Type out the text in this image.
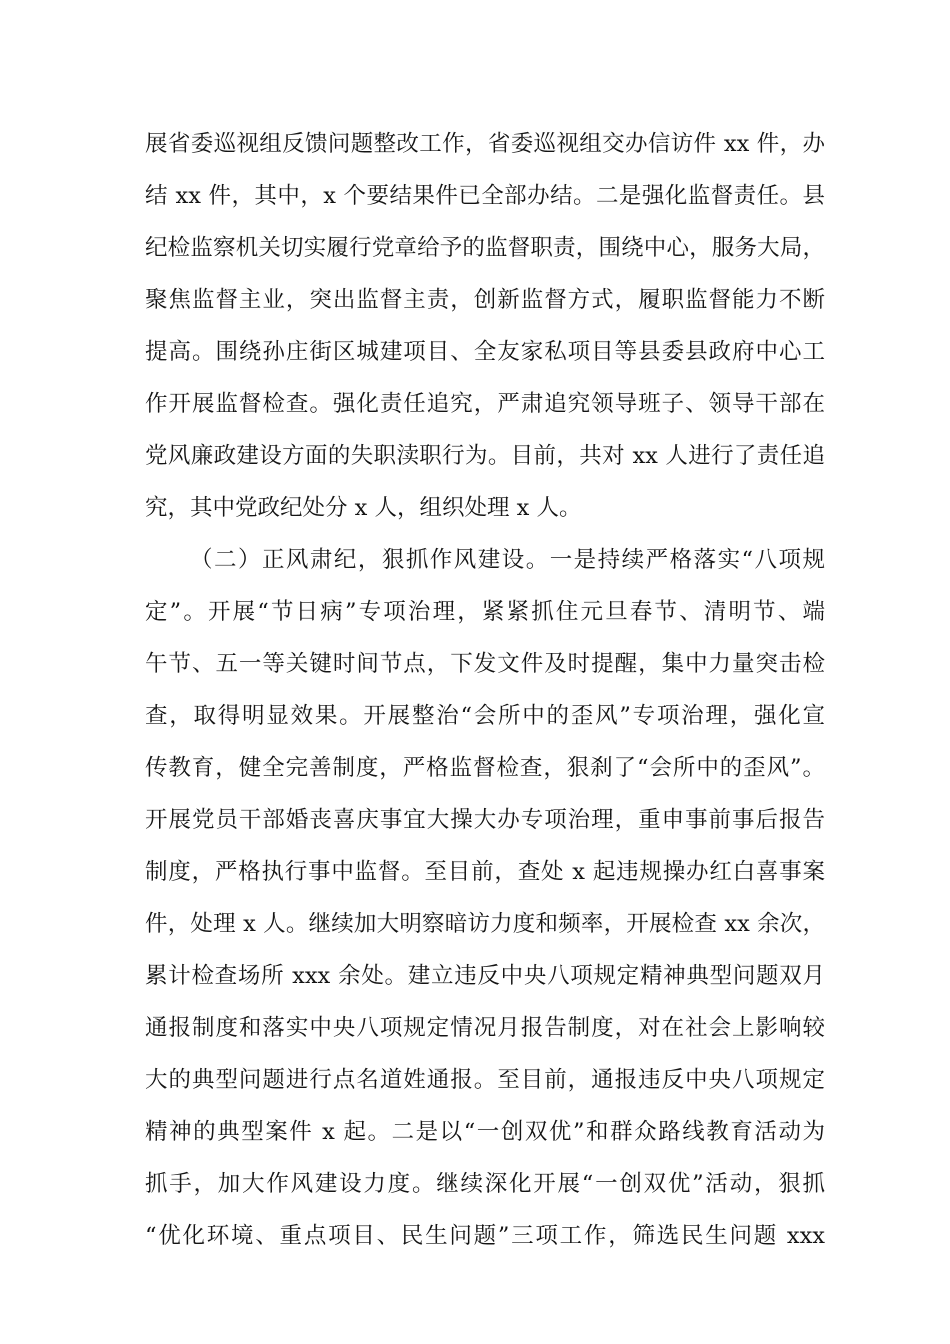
展省委巡视组反馈问题整改工作，省委巡视组交办信访件 xx 件，办
结 xx 件，其中，x 个要结果件已全部办结。二是强化监督责任。县
纪检监察机关切实履行党章给予的监督职责，围绕中心，服务大局，
聚焦监督主业，突出监督主责，创新监督方式，履职监督能力不断
提高。围绕孙庄街区城建项目、全友家私项目等县委县政府中心工
作开展监督检查。强化责任追究，严肃追究领导班子、领导干部在
党风廉政建设方面的失职渎职行为。目前，共对 xx 人进行了责任追
究，其中党政纪处分 x 人，组织处理 x 人。
（二）正风肃纪，狠抓作风建设。一是持续严格落实“八项规
定”。开展“节日病”专项治理，紧紧抓住元旦春节、清明节、端
午节、五一等关键时间节点，下发文件及时提醒，集中力量突击检
查，取得明显效果。开展整治“会所中的歪风”专项治理，强化宣
传教育，健全完善制度，严格监督检查，狠刹了“会所中的歪风”。
开展党员干部婚丧喜庆事宜大操大办专项治理，重申事前事后报告
制度，严格执行事中监督。至目前，查处 x 起违规操办红白喜事案
件，处理 x 人。继续加大明察暗访力度和频率，开展检查 xx 余次，
累计检查场所 xxx 余处。建立违反中央八项规定精神典型问题双月
通报制度和落实中央八项规定情况月报告制度，对在社会上影响较
大的典型问题进行点名道姓通报。至目前，通报违反中央八项规定
精神的典型案件 x 起。二是以“一创双优”和群众路线教育活动为
抓手，加大作风建设力度。继续深化开展“一创双优”活动，狠抓
“优化环境、重点项目、民生问题”三项工作，筛选民生问题 xxx
